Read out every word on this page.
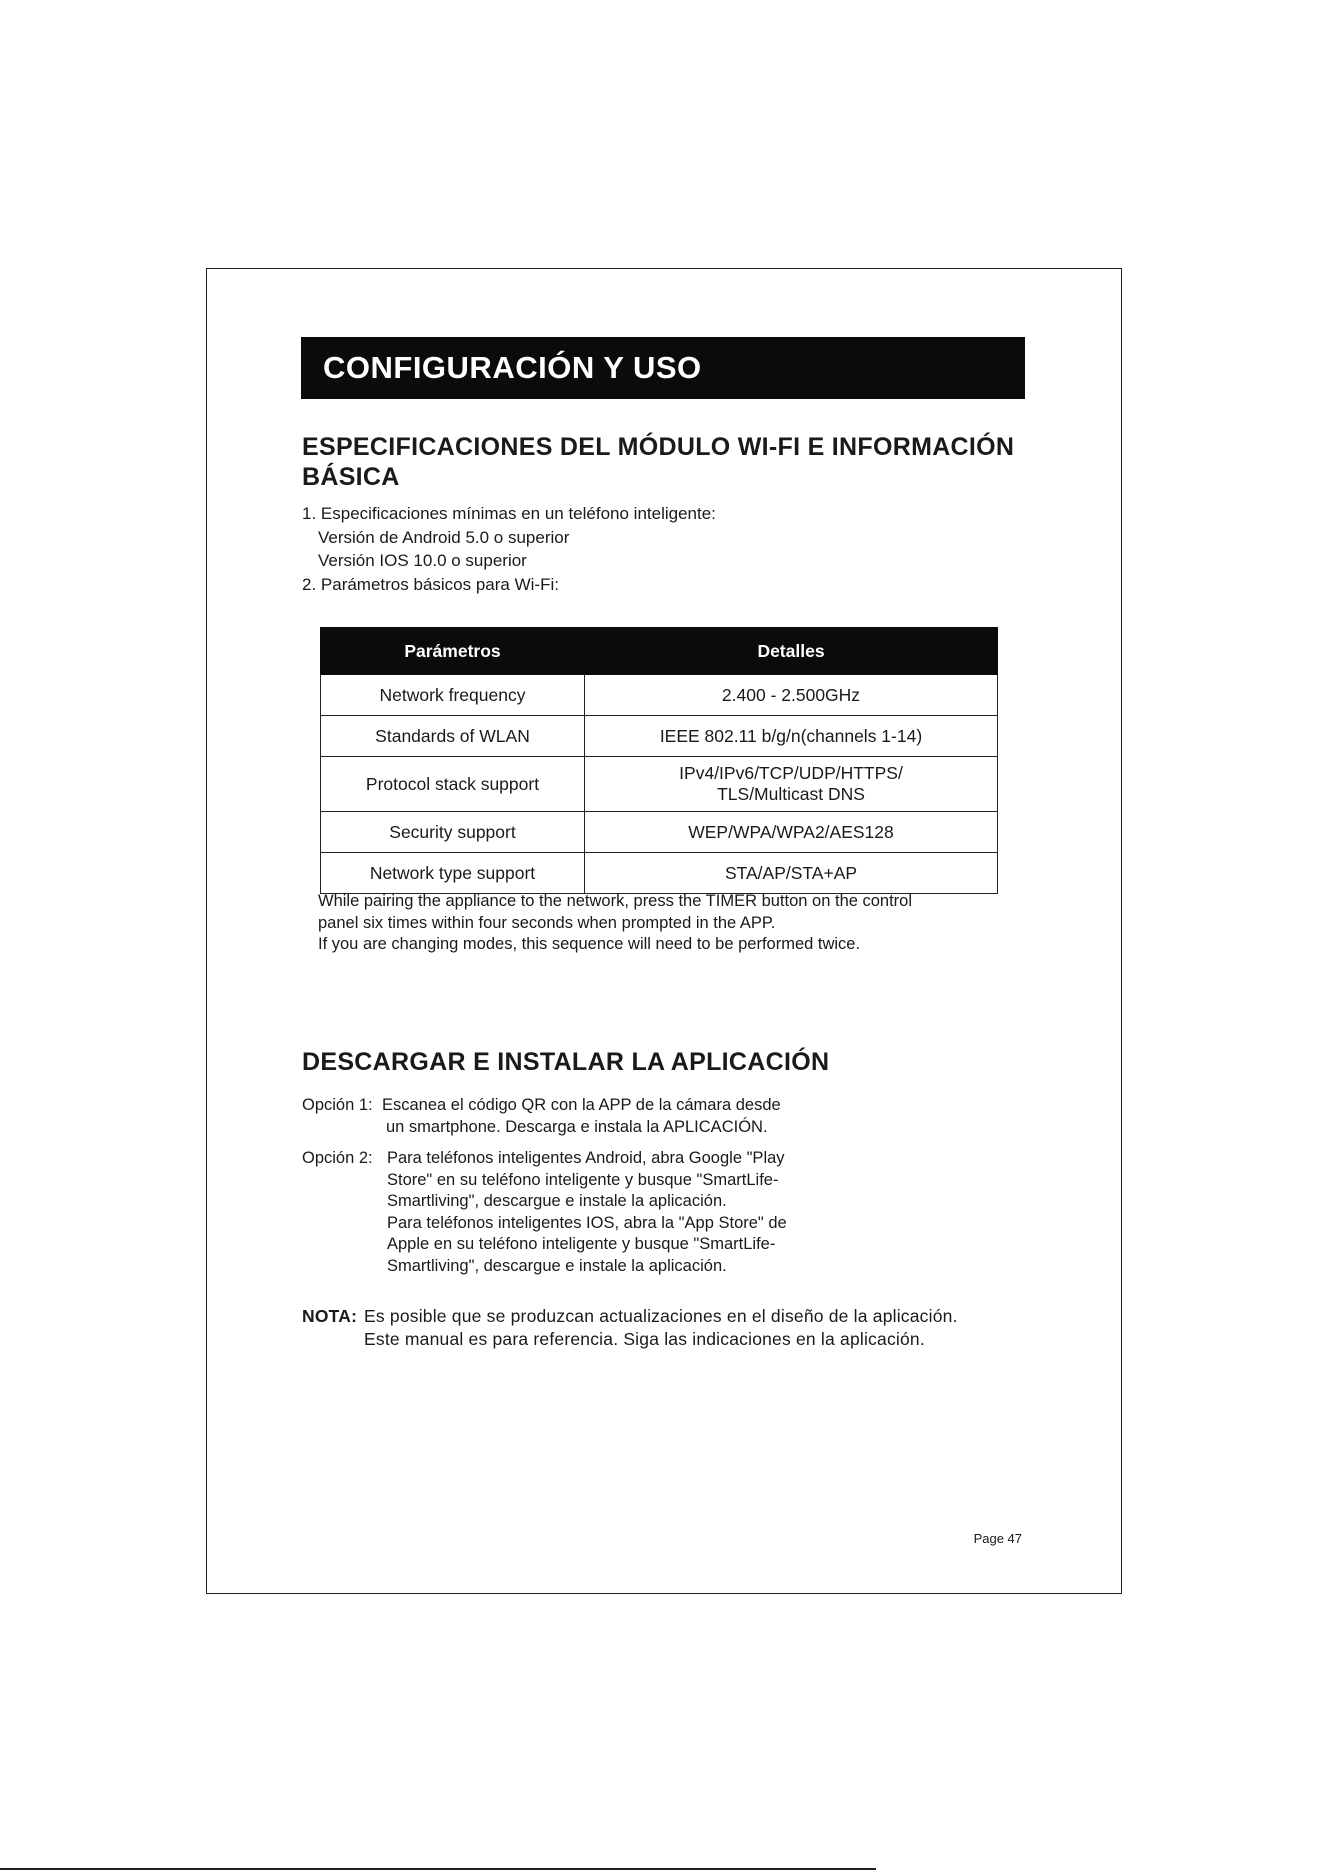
CONFIGURACIÓN Y USO
ESPECIFICACIONES DEL MÓDULO WI-FI E INFORMACIÓN
BÁSICA
1. Especificaciones mínimas en un teléfono inteligente:
Versión de Android 5.0 o superior
Versión IOS 10.0 o superior
2. Parámetros básicos para Wi-Fi:
Parámetros	Detalles
Network frequency	2.400 - 2.500GHz
Standards of WLAN	IEEE 802.11 b/g/n(channels 1-14)
Protocol stack support	IPv4/IPv6/TCP/UDP/HTTPS/
TLS/Multicast DNS

Security support	WEP/WPA/WPA2/AES128
Network type support	STA/AP/STA+AP
While pairing the appliance to the network, press the TIMER button on the control
panel six times within four seconds when prompted in the APP.
If you are changing modes, this sequence will need to be performed twice.
DESCARGAR E INSTALAR LA APLICACIÓN
Opción 1: Escanea el código QR con la APP de la cámara desde
un smartphone. Descarga e instala la APLICACIÓN.
Opción 2: Para teléfonos inteligentes Android, abra Google "Play
Store" en su teléfono inteligente y busque "SmartLife-
Smartliving", descargue e instale la aplicación.
Para teléfonos inteligentes IOS, abra la "App Store" de
Apple en su teléfono inteligente y busque "SmartLife-
Smartliving", descargue e instale la aplicación.
NOTA: Es posible que se produzcan actualizaciones en el diseño de la aplicación.
Este manual es para referencia. Siga las indicaciones en la aplicación.
Page 47
